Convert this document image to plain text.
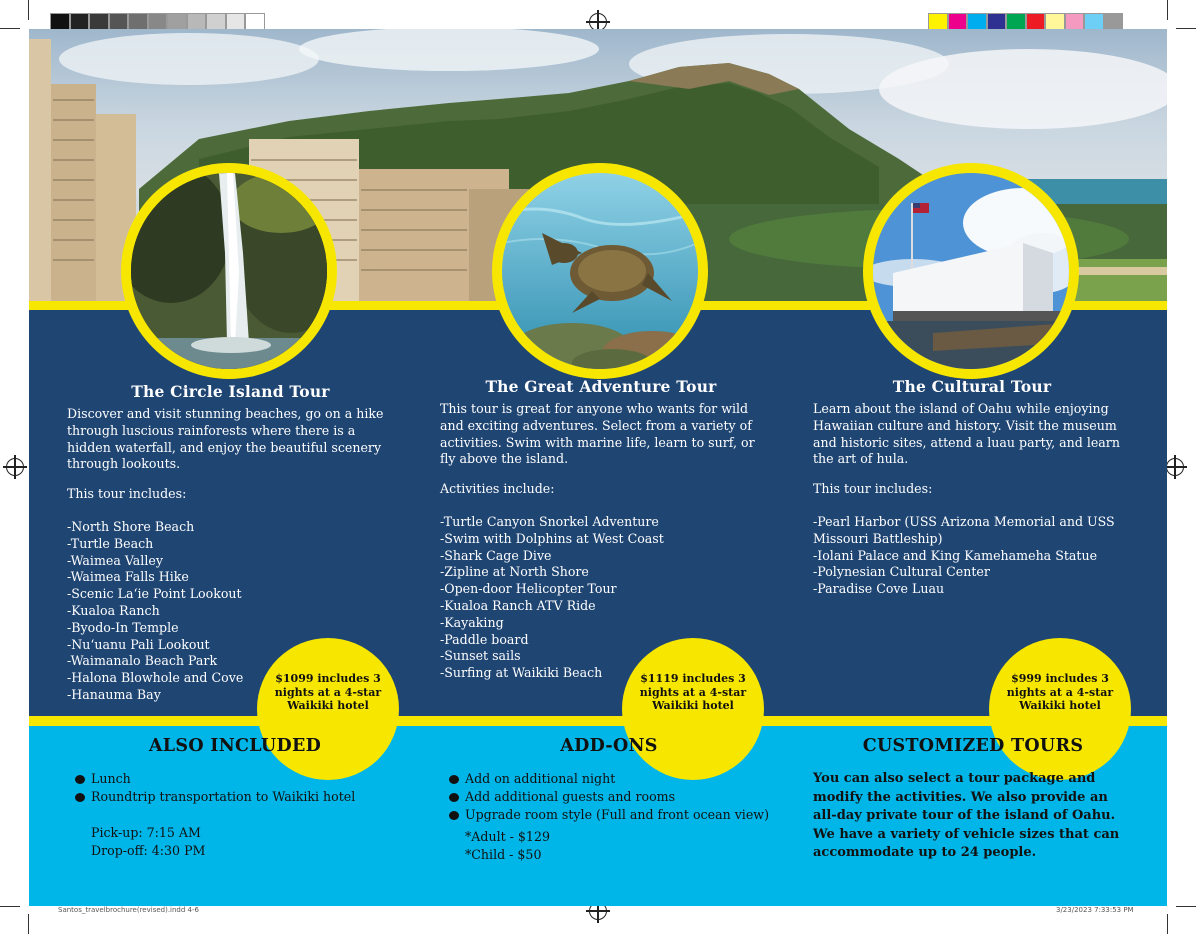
The Circle Island Tour

Discover and visit stunning beaches, go on a hike through luscious rainforests where there is a hidden waterfall, and enjoy the beautiful scenery through lookouts.

This tour includes:

-North Shore Beach
-Turtle Beach
-Waimea Valley
-Waimea Falls Hike
-Scenic La‘ie Point Lookout
-Kualoa Ranch
-Byodo-In Temple
-Nu‘uanu Pali Lookout
-Waimanalo Beach Park
-Halona Blowhole and Cove
-Hanauma Bay
$1099 includes 3 nights at a 4-star Waikiki hotel
The Great Adventure Tour

This tour is great for anyone who wants for wild and exciting adventures. Select from a variety of activities. Swim with marine life, learn to surf, or fly above the island.

Activities include:

-Turtle Canyon Snorkel Adventure
-Swim with Dolphins at West Coast
-Shark Cage Dive
-Zipline at North Shore
-Open-door Helicopter Tour
-Kualoa Ranch ATV Ride
-Kayaking
-Paddle board
-Sunset sails
-Surfing at Waikiki Beach	$1119 includes 3 nights at a 4-star Waikiki hotel
The Cultural Tour

Learn about the island of Oahu while enjoying Hawaiian culture and history. Visit the museum and historic sites, attend a luau party, and learn the art of hula.

This tour includes:

-Pearl Harbor (USS Arizona Memorial and USS Missouri Battleship)
-Iolani Palace and King Kamehameha Statue
-Polynesian Cultural Center
-Paradise Cove Luau
$999 includes 3 nights at a 4-star Waikiki hotel
ALSO INCLUDED
Lunch
Roundtrip transportation to Waikiki hotel

Pick-up: 7:15 AM

Drop-off: 4:30 PM

ADD-ONS
Add on additional night
Add additional guests and rooms
Upgrade room style (Full and front ocean view)

*Adult - $129

*Child - $50

CUSTOMIZED TOURS

You can also select a tour package and modify the activities. We also provide an all-day private tour of the island of Oahu. We have a variety of vehicle sizes that can accommodate up to 24 people.

Santos_travelbrochure(revised).indd 4-6	3/23/2023 7:33:53 PM
